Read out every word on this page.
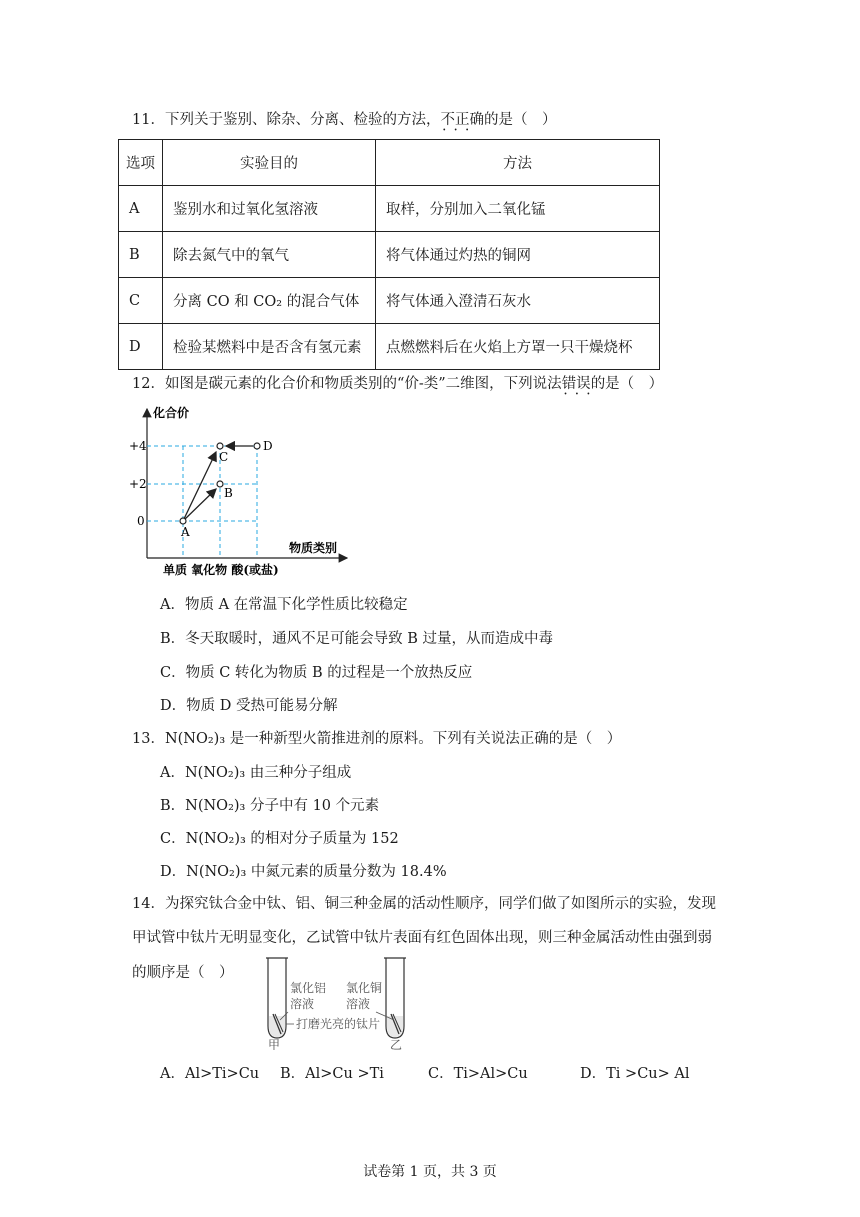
11．下列关于鉴别、除杂、分离、检验的方法，不正确 • • •的是（　）
选项	实验目的	方法
A	鉴别水和过氧化氢溶液	取样，分别加入二氧化锰
B	除去氮气中的氧气	将气体通过灼热的铜网
C	分离 CO 和 CO₂ 的混合气体	将气体通入澄清石灰水
D	检验某燃料中是否含有氢元素	点燃燃料后在火焰上方罩一只干燥烧杯
12．如图是碳元素的化合价和物质类别的“价-类”二维图，下列说法错误 • • •的是（　）
化合价
物质类别
+4
+2
0
单质 氧化物 酸(或盐)
A
B
C
D
A．物质 A 在常温下化学性质比较稳定
B．冬天取暖时，通风不足可能会导致 B 过量，从而造成中毒
C．物质 C 转化为物质 B 的过程是一个放热反应
D．物质 D 受热可能易分解
13．N(NO₂)₃ 是一种新型火箭推进剂的原料。下列有关说法正确的是（　）
A．N(NO₂)₃ 由三种分子组成
B．N(NO₂)₃ 分子中有 10 个元素
C．N(NO₂)₃ 的相对分子质量为 152
D．N(NO₂)₃ 中氮元素的质量分数为 18.4%
14．为探究钛合金中钛、铝、铜三种金属的活动性顺序，同学们做了如图所示的实验，发现
甲试管中钛片无明显变化，乙试管中钛片表面有红色固体出现，则三种金属活动性由强到弱
的顺序是（　）
氯化铝
溶液
氯化铜
溶液
打磨光亮的钛片
甲	乙
A．Al>Ti>Cu B．Al>Cu >Ti	C．Ti>Al>Cu	D．Ti >Cu> Al
试卷第 1 页，共 3 页
